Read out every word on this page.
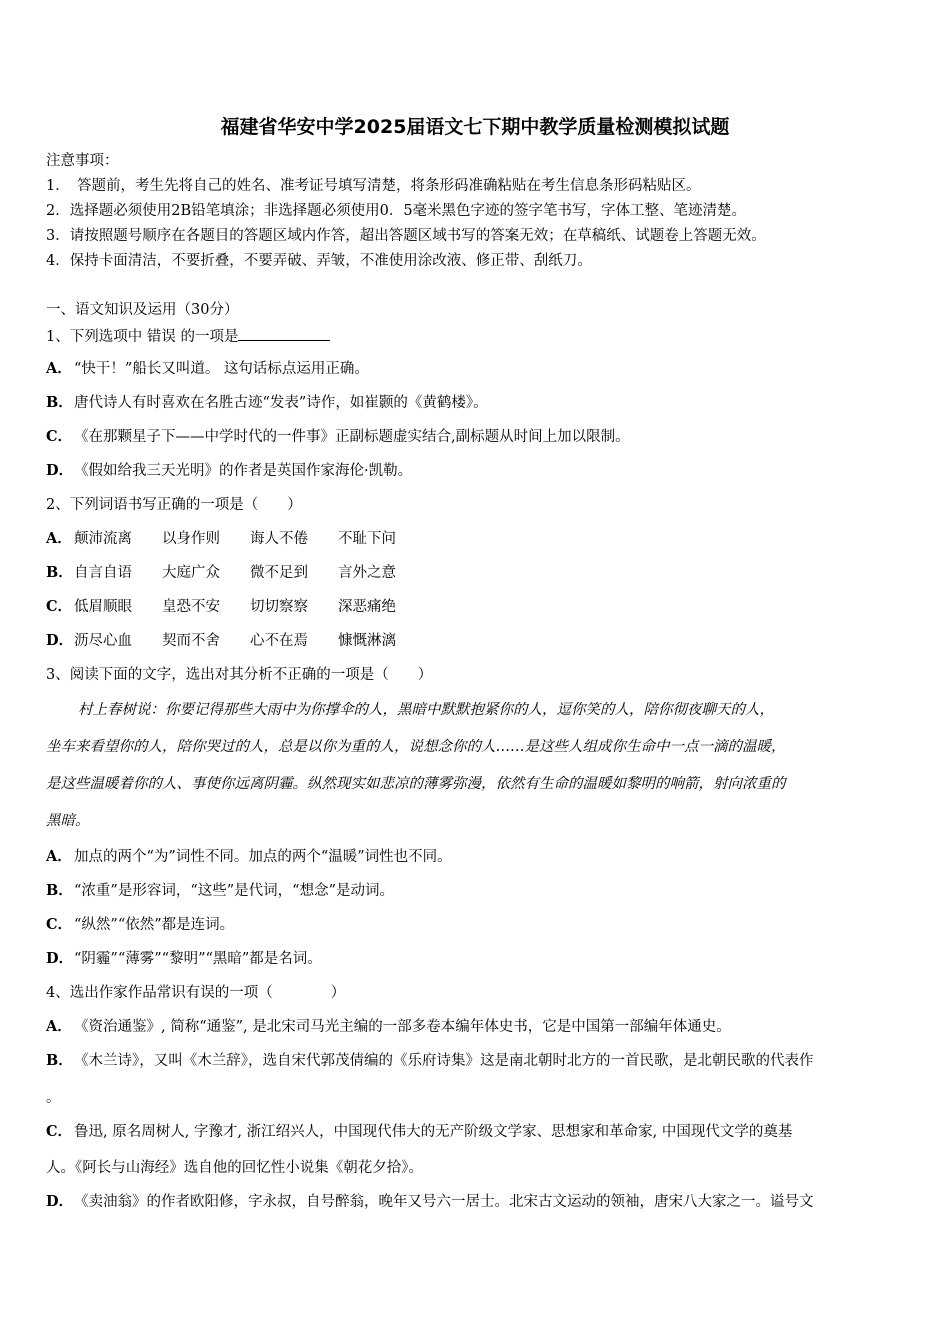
福建省华安中学2025届语文七下期中教学质量检测模拟试题
注意事项：
1．　答题前，考生先将自己的姓名、准考证号填写清楚，将条形码准确粘贴在考生信息条形码粘贴区。
2．选择题必须使用2B铅笔填涂；非选择题必须使用0．5毫米黑色字迹的签字笔书写，字体工整、笔迹清楚。
3．请按照题号顺序在各题目的答题区域内作答，超出答题区域书写的答案无效；在草稿纸、试题卷上答题无效。
4．保持卡面清洁，不要折叠，不要弄破、弄皱，不准使用涂改液、修正带、刮纸刀。
一、语文知识及运用（30分）
1、下列选项中 错误 的一项是
A． “快干！”船长又叫道。 这句话标点运用正确。
B．唐代诗人有时喜欢在名胜古迹“发表”诗作，如崔颢的《黄鹤楼》。
C． 《在那颗星子下——中学时代的一件事》正副标题虚实结合,副标题从时间上加以限制。
D．《假如给我三天光明》的作者是英国作家海伦·凯勒。
2、下列词语书写正确的一项是（　　）
A． 颠沛流离 以身作则 诲人不倦 不耻下问
B．自言自语 大庭广众 微不足到 言外之意
C． 低眉顺眼 皇恐不安 切切察察 深恶痛绝
D．沥尽心血 契而不舍 心不在焉 慷慨淋漓
3、阅读下面的文字，选出对其分析不正确的一项是（　　）
村上春树说：你要记得那些大雨中为你撑伞的人，黑暗中默默抱紧你的人，逗你笑的人，陪你彻夜聊天的人，
坐车来看望你的人，陪你哭过的人，总是以你为重的人，说想念你的人……是这些人组成你生命中一点一滴的温暖，
是这些温暖着你的人、事使你远离阴霾。纵然现实如悲凉的薄雾弥漫，依然有生命的温暖如黎明的响箭，射向浓重的
黑暗。
A． 加点的两个“为”词性不同。加点的两个“温暖”词性也不同。
B．“浓重”是形容词，“这些”是代词，“想念”是动词。
C． “纵然”“依然”都是连词。
D．“阴霾”“薄雾”“黎明”“黑暗”都是名词。
4、选出作家作品常识有误的一项（　　　　）
A． 《资治通鉴》, 简称“通鉴”, 是北宋司马光主编的一部多卷本编年体史书，它是中国第一部编年体通史。
B．《木兰诗》，又叫《木兰辞》，选自宋代郭茂倩编的《乐府诗集》这是南北朝时北方的一首民歌，是北朝民歌的代表作
。
C． 鲁迅, 原名周树人, 字豫才, 浙江绍兴人，中国现代伟大的无产阶级文学家、思想家和革命家, 中国现代文学的奠基
人。《阿长与山海经》选自他的回忆性小说集《朝花夕拾》。
D．《卖油翁》的作者欧阳修，字永叔，自号醉翁，晚年又号六一居士。北宋古文运动的领袖，唐宋八大家之一。谥号文
